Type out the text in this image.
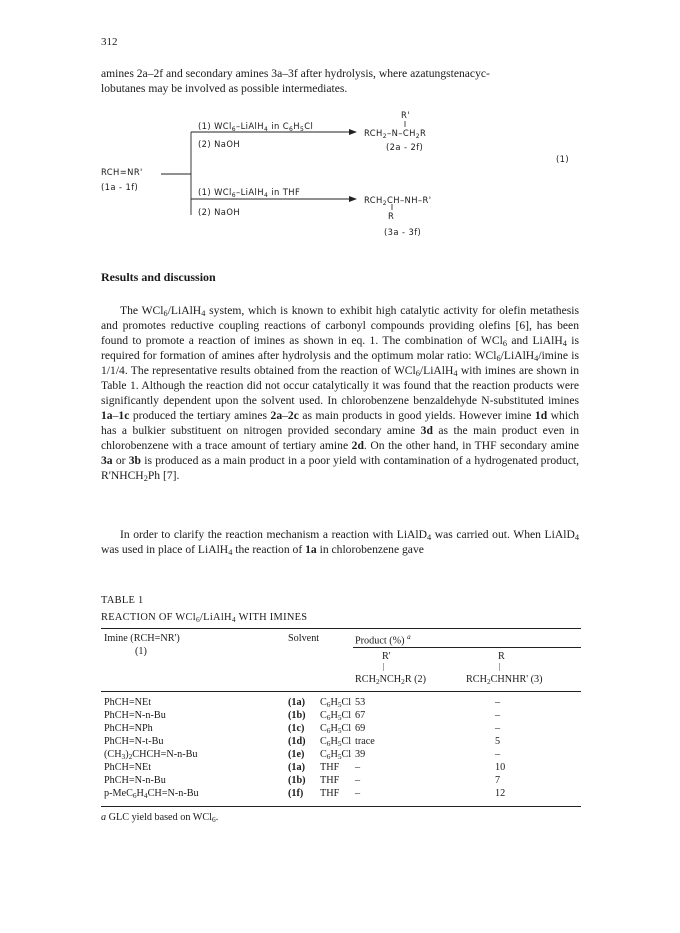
312
amines 2a–2f and secondary amines 3a–3f after hydrolysis, where azatungstenacyc-
lobutanes may be involved as possible intermediates.
(1) WCl$_6$–LiAlH$_4$ in $C_6H_5Cl$
(2) NaOH
R'
$RCH_2-N-CH_2R$
(2a - 2f)
RCH=NR'
(1a - 1f)
(1)
(1) WCl$_6$–LiAlH$_4$ in THF
(2) NaOH
$RCH_2CH-NH-R'$
R
(3a - 3f)
Results and discussion
The WCl$_6$/LiAlH$_4$ system, which is known to exhibit high catalytic activity for olefin metathesis and promotes reductive coupling reactions of carbonyl compounds providing olefins [6], has been found to promote a reaction of imines as shown in eq. 1. The combination of WCl$_6$ and LiAlH$_4$ is required for formation of amines after hydrolysis and the optimum molar ratio: WCl$_6$/LiAlH$_4$/imine is 1/1/4. The representative results obtained from the reaction of WCl$_6$/LiAlH$_4$ with imines are shown in Table 1. Although the reaction did not occur catalytically it was found that the reaction products were significantly dependent upon the solvent used. In chlorobenzene benzaldehyde N-substituted imines 1a–1c produced the tertiary amines 2a–2c as main products in good yields. However imine 1d which has a bulkier substituent on nitrogen provided secondary amine 3d as the main product even in chlorobenzene with a trace amount of tertiary amine 2d. On the other hand, in THF secondary amine 3a or 3b is produced as a main product in a poor yield with contamination of a hydrogenated product, $R'NHCH_2Ph$ [7].
In order to clarify the reaction mechanism a reaction with LiAlD$_4$ was carried out. When LiAlD$_4$ was used in place of LiAlH$_4$ the reaction of 1a in chlorobenzene gave
TABLE 1
REACTION OF WCl$_6$/LiAlH$_4$ WITH IMINES
Imine (RCH=NR')
(1)
Solvent	Product (%) $^a$
R'
|
$RCH_2NCH_2R$ (2)
R
|
$RCH_2CHNHR'$ (3)
PhCH=NEt	(1a) $C_6H_5Cl$ 53	–
PhCH=N-n-Bu	(1b) $C_6H_5Cl$ 67	–
PhCH=NPh	(1c) $C_6H_5Cl$ 69	–
PhCH=N-t-Bu	(1d) $C_6H_5Cl$ trace	5
$(CH_3)_2CHCH=N-n-Bu$	(1e) $C_6H_5Cl$ 39	–
PhCH=NEt	(1a) THF –	10
PhCH=N-n-Bu	(1b) THF –	7
$p-MeC_6H_4CH=N-n-Bu$	(1f) THF –	12
a GLC yield based on WCl$_6$.
